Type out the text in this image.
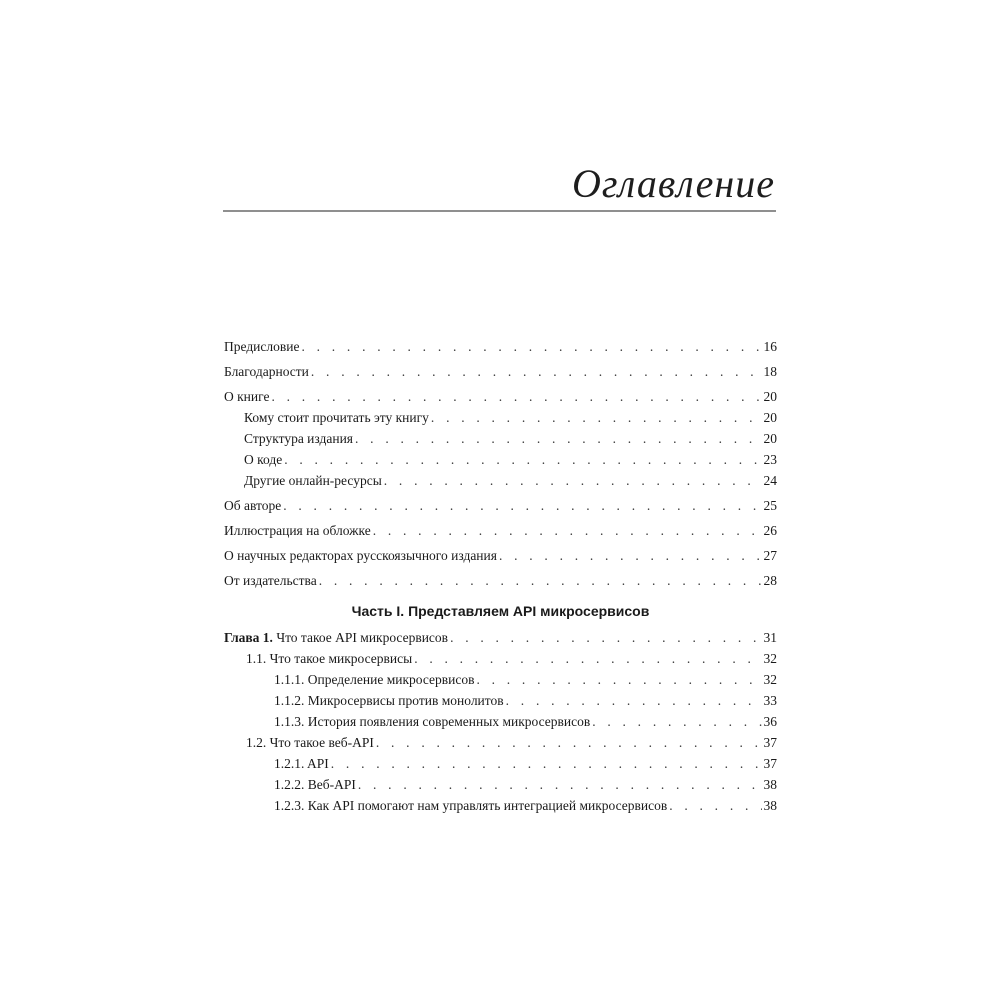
Оглавление
Предисловие . . .	16
Благодарности . . .	18
О книге . . .	20
Кому стоит прочитать эту книгу . . .	20
Структура издания . . .	20
О коде . . .	23
Другие онлайн-ресурсы . . .	24
Об авторе . . .	25
Иллюстрация на обложке . . .	26
О научных редакторах русскоязычного издания . . .	27
От издательства . . .	28
Часть I. Представляем API микросервисов
Глава 1. Что такое API микросервисов . . .	31
1.1. Что такое микросервисы . . .	32
1.1.1. Определение микросервисов . . .	32
1.1.2. Микросервисы против монолитов . . .	33
1.1.3. История появления современных микросервисов . . .	36
1.2. Что такое веб-API . . .	37
1.2.1. API . . .	37
1.2.2. Веб-API . . .	38
1.2.3. Как API помогают нам управлять интеграцией микросервисов . . .	38
